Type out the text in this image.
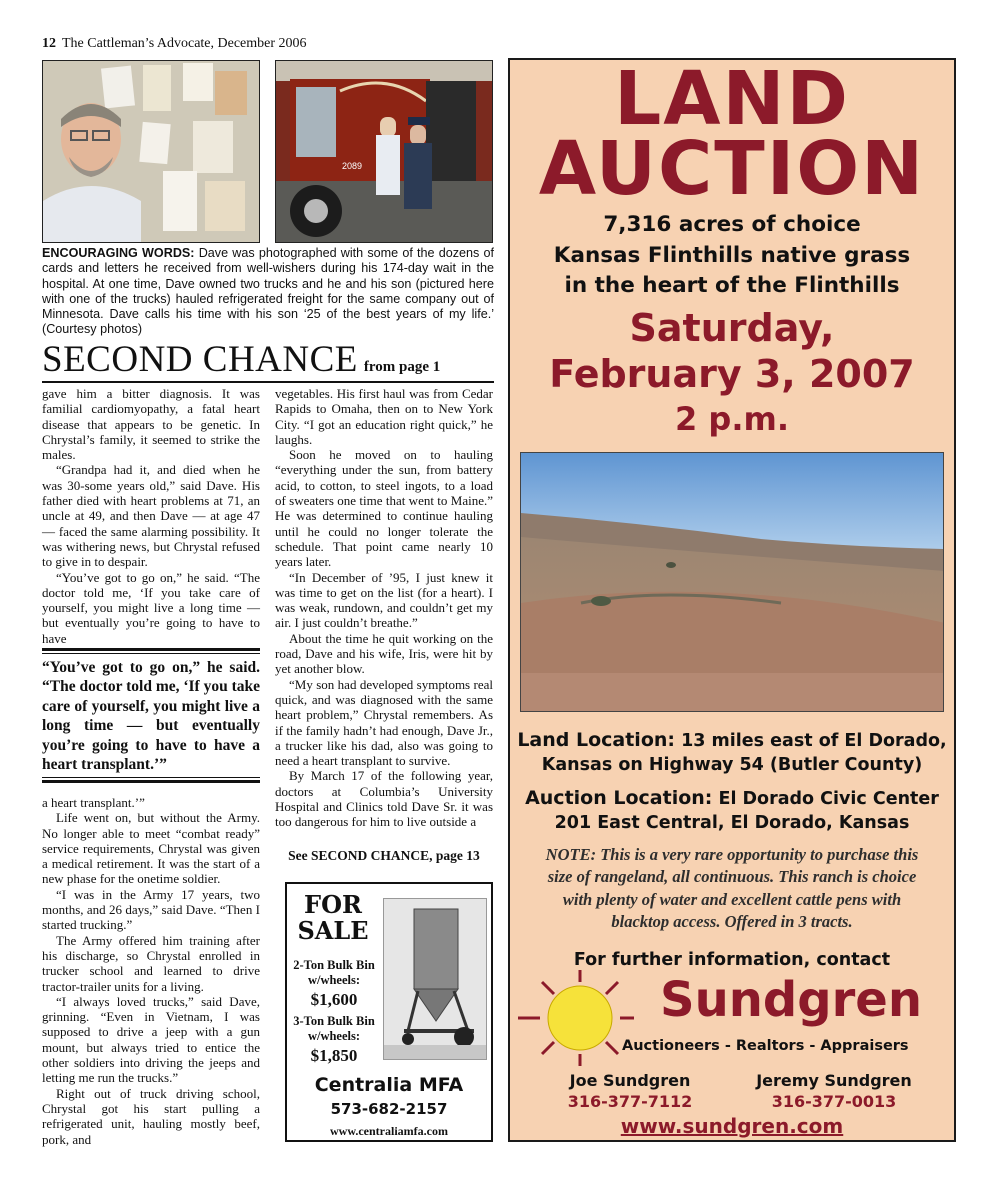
12 The Cattleman’s Advocate, December 2006
2089
ENCOURAGING WORDS: Dave was photographed with some of the dozens of cards and letters he received from well-wishers during his 174-day wait in the hospital. At one time, Dave owned two trucks and he and his son (pictured here with one of the trucks) hauled refrigerated freight for the same company out of Minnesota. Dave calls his time with his son ‘25 of the best years of my life.’ (Courtesy photos)
SECOND CHANCE from page 1

gave him a bitter diagnosis. It was familial cardiomyopathy, a fatal heart disease that appears to be genetic. In Chrystal’s family, it seemed to strike the males.

“Grandpa had it, and died when he was 30-some years old,” said Dave. His father died with heart problems at 71, an uncle at 49, and then Dave — at age 47 — faced the same alarming possibility. It was withering news, but Chrystal refused to give in to despair.

“You’ve got to go on,” he said. “The doctor told me, ‘If you take care of yourself, you might live a long time — but eventually you’re going to have to have

“You’ve got to go on,” he said. “The doctor told me, ‘If you take care of yourself, you might live a long time — but eventually you’re going to have to have a heart transplant.’”

a heart transplant.’”

Life went on, but without the Army. No longer able to meet “combat ready” service requirements, Chrystal was given a medical retirement. It was the start of a new phase for the onetime soldier.

“I was in the Army 17 years, two months, and 26 days,” said Dave. “Then I started trucking.”

The Army offered him training after his discharge, so Chrystal enrolled in trucker school and learned to drive tractor-trailer units for a living.

“I always loved trucks,” said Dave, grinning. “Even in Vietnam, I was supposed to drive a jeep with a gun mount, but always tried to entice the other soldiers into driving the jeeps and letting me run the trucks.”

Right out of truck driving school, Chrystal got his start pulling a refrigerated unit, hauling mostly beef, pork, and

vegetables. His first haul was from Cedar Rapids to Omaha, then on to New York City. “I got an education right quick,” he laughs.

Soon he moved on to hauling “everything under the sun, from battery acid, to cotton, to steel ingots, to a load of sweaters one time that went to Maine.” He was determined to continue hauling until he could no longer tolerate the schedule. That point came nearly 10 years later.

“In December of ’95, I just knew it was time to get on the list (for a heart). I was weak, rundown, and couldn’t get my air. I just couldn’t breathe.”

About the time he quit working on the road, Dave and his wife, Iris, were hit by yet another blow.

“My son had developed symptoms real quick, and was diagnosed with the same heart problem,” Chrystal remembers. As if the family hadn’t had enough, Dave Jr., a trucker like his dad, also was going to need a heart transplant to survive.

By March 17 of the following year, doctors at Columbia’s University Hospital and Clinics told Dave Sr. it was too dangerous for him to live outside a

See SECOND CHANCE, page 13
FOR
SALE
2-Ton Bulk Bin w/wheels:
$1,600
3-Ton Bulk Bin w/wheels:
$1,850
Centralia MFA
573-682-2157
www.centraliamfa.com
LAND
AUCTION
7,316 acres of choice
Kansas Flinthills native grass
in the heart of the Flinthills
Saturday,
February 3, 2007
2 p.m.
Land Location: 13 miles east of El Dorado,
Kansas on Highway 54 (Butler County)
Auction Location: El Dorado Civic Center
201 East Central, El Dorado, Kansas
NOTE: This is a very rare opportunity to purchase this size of rangeland, all continuous. This ranch is choice with plenty of water and excellent cattle pens with blacktop access. Offered in 3 tracts.
For further information, contact
Sundgren
Auctioneers - Realtors - Appraisers
Joe Sundgren
316-377-7112
Jeremy Sundgren
316-377-0013
www.sundgren.com
